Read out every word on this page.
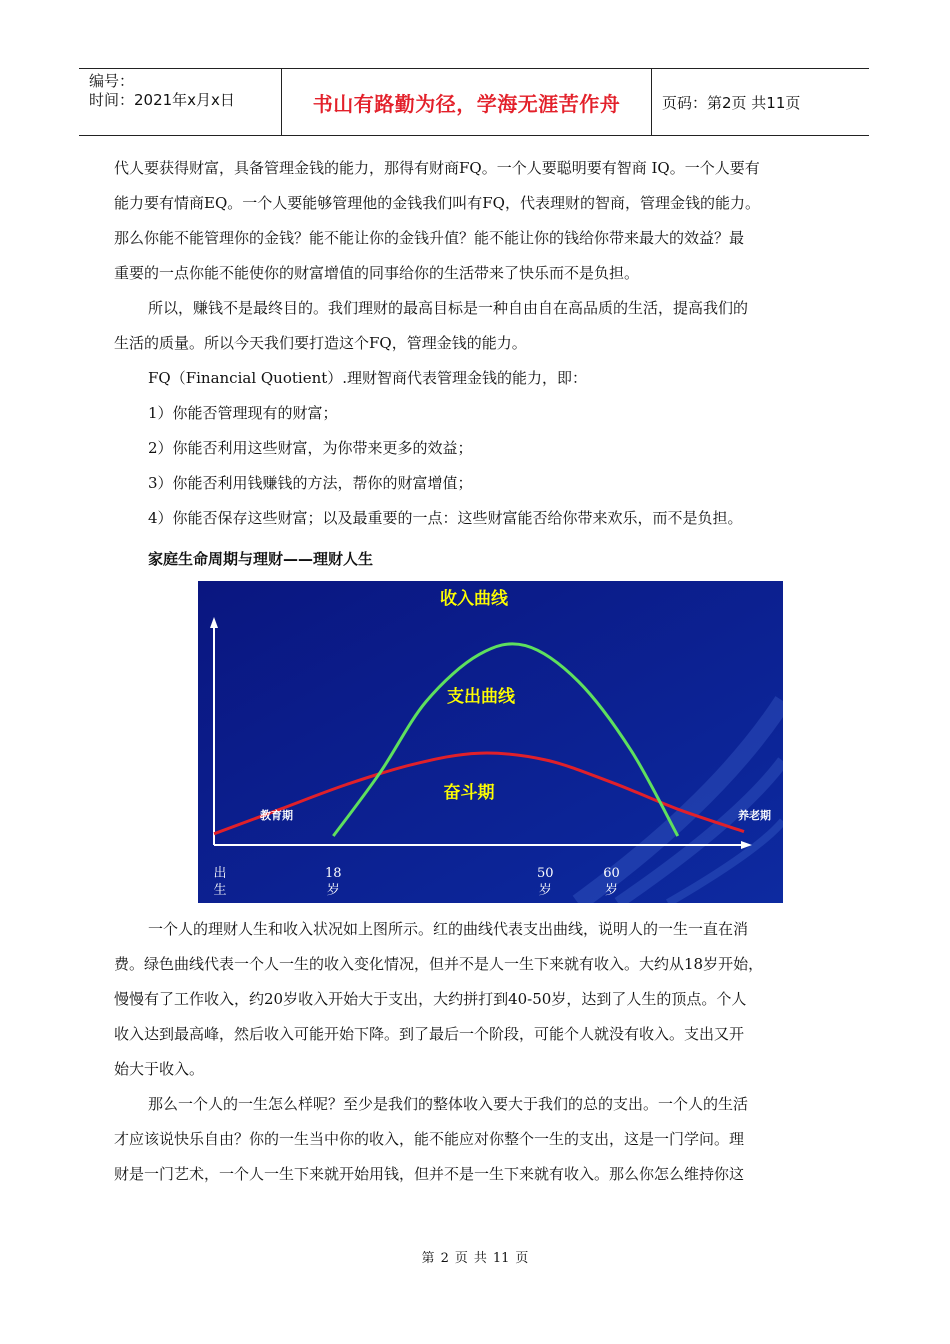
编号：
时间：2021年x月x日	书山有路勤为径，学海无涯苦作舟	页码：第2页 共11页

代人要获得财富，具备管理金钱的能力，那得有财商FQ。一个人要聪明要有智商 IQ。一个人要有

能力要有情商EQ。一个人要能够管理他的金钱我们叫有FQ，代表理财的智商，管理金钱的能力。

那么你能不能管理你的金钱？能不能让你的金钱升值？能不能让你的钱给你带来最大的效益？最

重要的一点你能不能使你的财富增值的同事给你的生活带来了快乐而不是负担。

所以，赚钱不是最终目的。我们理财的最高目标是一种自由自在高品质的生活，提高我们的

生活的质量。所以今天我们要打造这个FQ，管理金钱的能力。

FQ（Financial Quotient）.理财智商代表管理金钱的能力，即：

1）你能否管理现有的财富；

2）你能否利用这些财富，为你带来更多的效益；

3）你能否利用钱赚钱的方法，帮你的财富增值；

4）你能否保存这些财富；以及最重要的一点：这些财富能否给你带来欢乐，而不是负担。

家庭生命周期与理财——理财人生
收入曲线
支出曲线
奋斗期
教育期	养老期
出
生
18
岁
50
岁
60
岁

一个人的理财人生和收入状况如上图所示。红的曲线代表支出曲线，说明人的一生一直在消

费。绿色曲线代表一个人一生的收入变化情况，但并不是人一生下来就有收入。大约从18岁开始，

慢慢有了工作收入，约20岁收入开始大于支出，大约拼打到40-50岁，达到了人生的顶点。个人

收入达到最高峰，然后收入可能开始下降。到了最后一个阶段，可能个人就没有收入。支出又开

始大于收入。

那么一个人的一生怎么样呢？至少是我们的整体收入要大于我们的总的支出。一个人的生活

才应该说快乐自由？你的一生当中你的收入，能不能应对你整个一生的支出，这是一门学问。理

财是一门艺术，一个人一生下来就开始用钱，但并不是一生下来就有收入。那么你怎么维持你这

第 2 页 共 11 页
